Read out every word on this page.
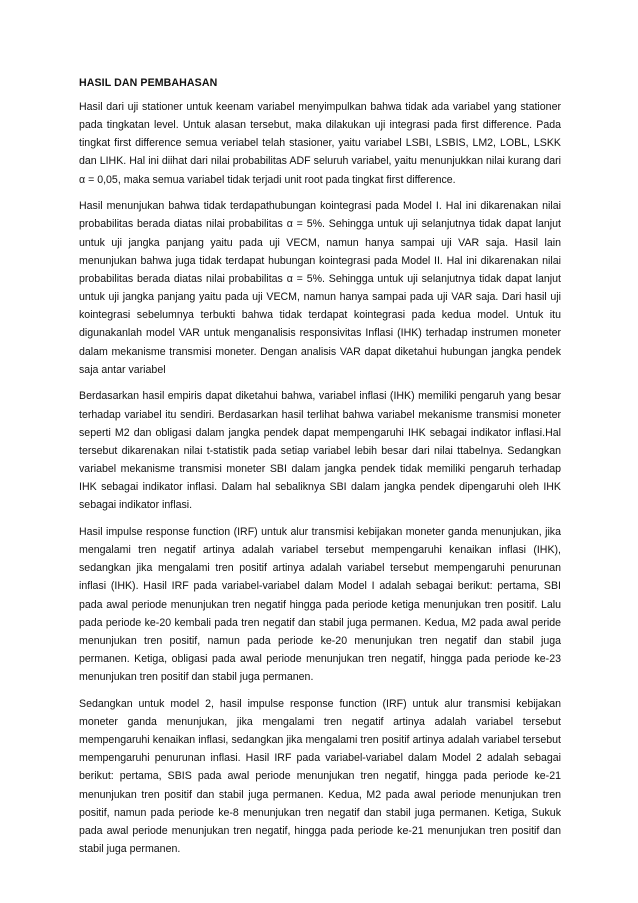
HASIL DAN PEMBAHASAN

Hasil dari uji stationer untuk keenam variabel menyimpulkan bahwa tidak ada variabel yang stationer pada tingkatan level. Untuk alasan tersebut, maka dilakukan uji integrasi pada first difference. Pada tingkat first difference semua veriabel telah stasioner, yaitu variabel LSBI, LSBIS, LM2, LOBL, LSKK dan LIHK. Hal ini diihat dari nilai probabilitas ADF seluruh variabel, yaitu menunjukkan nilai kurang dari α = 0,05, maka semua variabel tidak terjadi unit root pada tingkat first difference.

Hasil menunjukan bahwa tidak terdapathubungan kointegrasi pada Model I. Hal ini dikarenakan nilai probabilitas berada diatas nilai probabilitas α = 5%. Sehingga untuk uji selanjutnya tidak dapat lanjut untuk uji jangka panjang yaitu pada uji VECM, namun hanya sampai uji VAR saja. Hasil lain menunjukan bahwa juga tidak terdapat hubungan kointegrasi pada Model II. Hal ini dikarenakan nilai probabilitas berada diatas nilai probabilitas α = 5%. Sehingga untuk uji selanjutnya tidak dapat lanjut untuk uji jangka panjang yaitu pada uji VECM, namun hanya sampai pada uji VAR saja. Dari hasil uji kointegrasi sebelumnya terbukti bahwa tidak terdapat kointegrasi pada kedua model. Untuk itu digunakanlah model VAR untuk menganalisis responsivitas Inflasi (IHK) terhadap instrumen moneter dalam mekanisme transmisi moneter. Dengan analisis VAR dapat diketahui hubungan jangka pendek saja antar variabel

Berdasarkan hasil empiris dapat diketahui bahwa, variabel inflasi (IHK) memiliki pengaruh yang besar terhadap variabel itu sendiri. Berdasarkan hasil terlihat bahwa variabel mekanisme transmisi moneter seperti M2 dan obligasi dalam jangka pendek dapat mempengaruhi IHK sebagai indikator inflasi.Hal tersebut dikarenakan nilai t-statistik pada setiap variabel lebih besar dari nilai ttabelnya. Sedangkan variabel mekanisme transmisi moneter SBI dalam jangka pendek tidak memiliki pengaruh terhadap IHK sebagai indikator inflasi. Dalam hal sebaliknya SBI dalam jangka pendek dipengaruhi oleh IHK sebagai indikator inflasi.

Hasil impulse response function (IRF) untuk alur transmisi kebijakan moneter ganda menunjukan, jika mengalami tren negatif artinya adalah variabel tersebut mempengaruhi kenaikan inflasi (IHK), sedangkan jika mengalami tren positif artinya adalah variabel tersebut mempengaruhi penurunan inflasi (IHK). Hasil IRF pada variabel-variabel dalam Model I adalah sebagai berikut: pertama, SBI pada awal periode menunjukan tren negatif hingga pada periode ketiga menunjukan tren positif. Lalu pada periode ke-20 kembali pada tren negatif dan stabil juga permanen. Kedua, M2 pada awal peride menunjukan tren positif, namun pada periode ke-20 menunjukan tren negatif dan stabil juga permanen. Ketiga, obligasi pada awal periode menunjukan tren negatif, hingga pada periode ke-23 menunjukan tren positif dan stabil juga permanen.

Sedangkan untuk model 2, hasil impulse response function (IRF) untuk alur transmisi kebijakan moneter ganda menunjukan, jika mengalami tren negatif artinya adalah variabel tersebut mempengaruhi kenaikan inflasi, sedangkan jika mengalami tren positif artinya adalah variabel tersebut mempengaruhi penurunan inflasi. Hasil IRF pada variabel-variabel dalam Model 2 adalah sebagai berikut: pertama, SBIS pada awal periode menunjukan tren negatif, hingga pada periode ke-21 menunjukan tren positif dan stabil juga permanen. Kedua, M2 pada awal periode menunjukan tren positif, namun pada periode ke-8 menunjukan tren negatif dan stabil juga permanen. Ketiga, Sukuk pada awal periode menunjukan tren negatif, hingga pada periode ke-21 menunjukan tren positif dan stabil juga permanen.
